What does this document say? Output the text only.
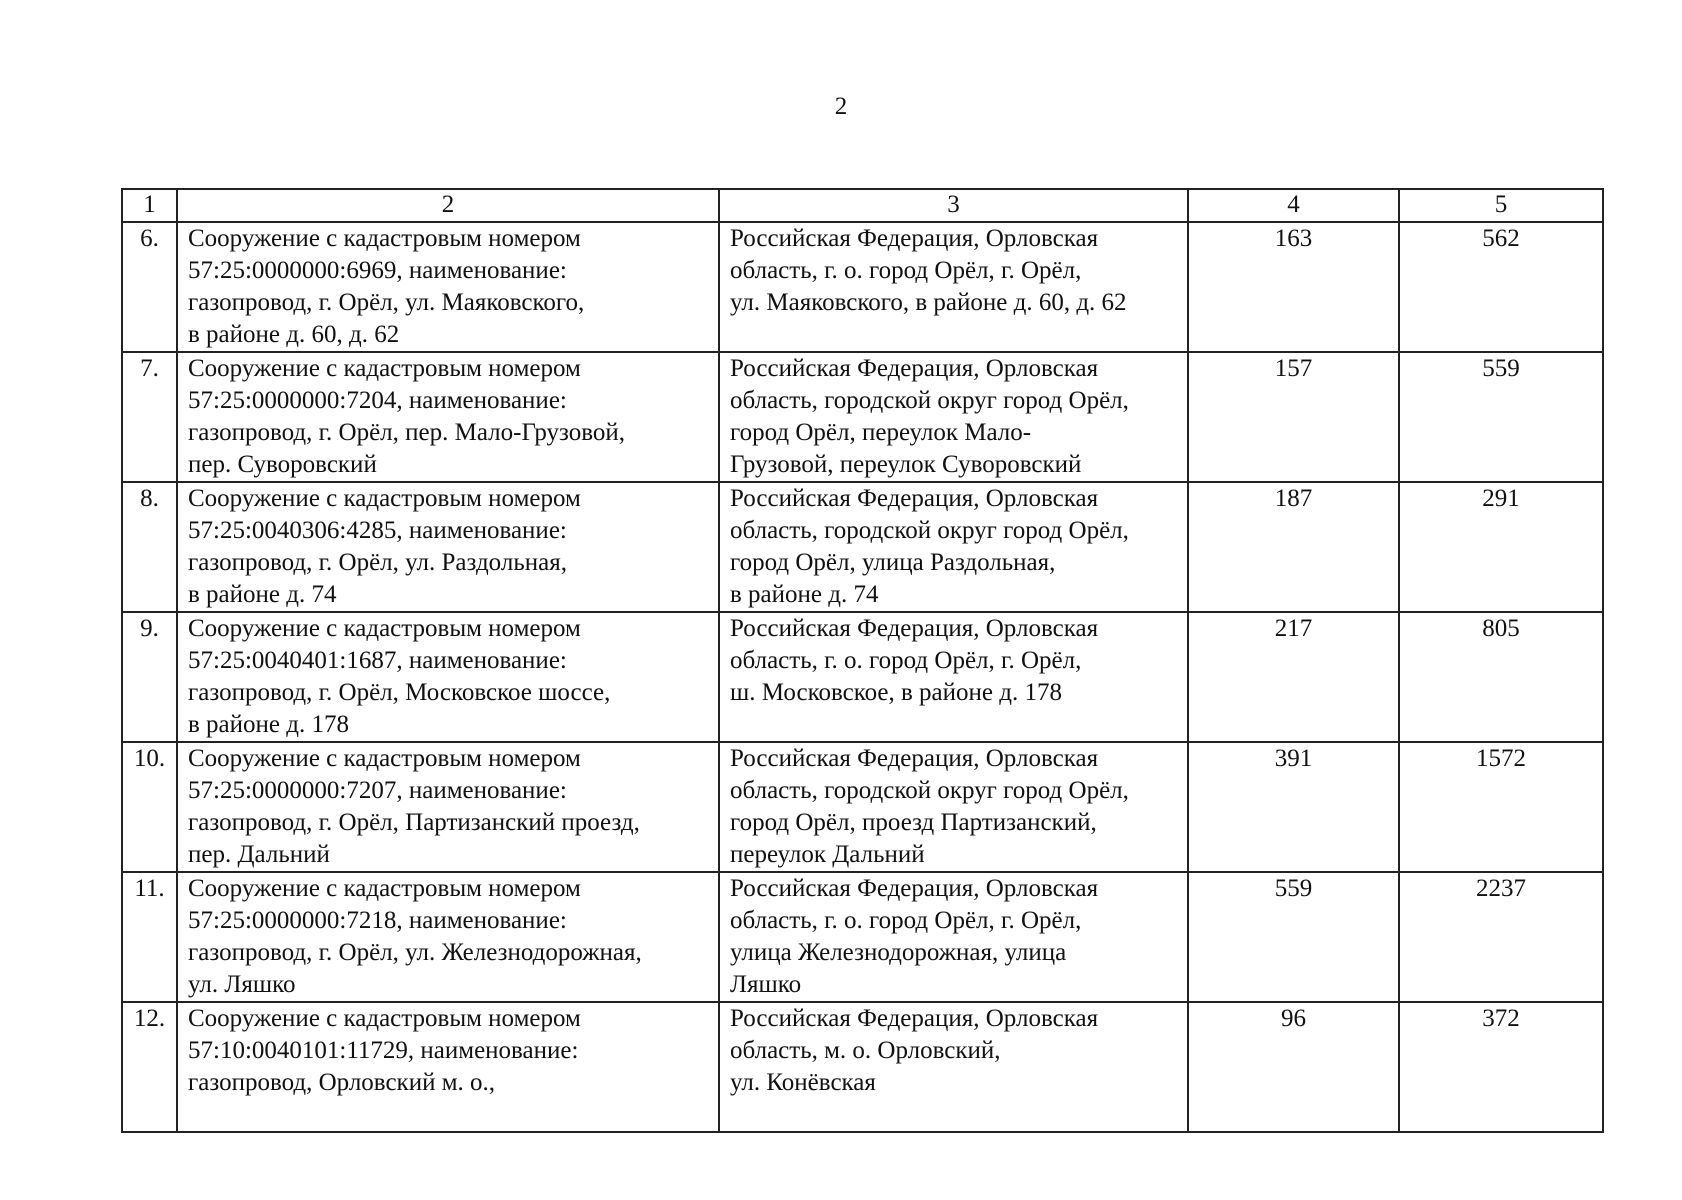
2
1	2	3	4	5
6.	Сооружение с кадастровым номером
57:25:0000000:6969, наименование:
газопровод, г. Орёл, ул. Маяковского,
в районе д. 60, д. 62	Российская Федерация, Орловская
область, г. о. город Орёл, г. Орёл,
ул. Маяковского, в районе д. 60, д. 62	163	562
7.	Сооружение с кадастровым номером
57:25:0000000:7204, наименование:
газопровод, г. Орёл, пер. Мало-Грузовой,
пер. Суворовский	Российская Федерация, Орловская
область, городской округ город Орёл,
город Орёл, переулок Мало-
Грузовой, переулок Суворовский	157	559
8.	Сооружение с кадастровым номером
57:25:0040306:4285, наименование:
газопровод, г. Орёл, ул. Раздольная,
в районе д. 74	Российская Федерация, Орловская
область, городской округ город Орёл,
город Орёл, улица Раздольная,
в районе д. 74	187	291
9.	Сооружение с кадастровым номером
57:25:0040401:1687, наименование:
газопровод, г. Орёл, Московское шоссе,
в районе д. 178	Российская Федерация, Орловская
область, г. о. город Орёл, г. Орёл,
ш. Московское, в районе д. 178	217	805
10.	Сооружение с кадастровым номером
57:25:0000000:7207, наименование:
газопровод, г. Орёл, Партизанский проезд,
пер. Дальний	Российская Федерация, Орловская
область, городской округ город Орёл,
город Орёл, проезд Партизанский,
переулок Дальний	391	1572
11.	Сооружение с кадастровым номером
57:25:0000000:7218, наименование:
газопровод, г. Орёл, ул. Железнодорожная,
ул. Ляшко	Российская Федерация, Орловская
область, г. о. город Орёл, г. Орёл,
улица Железнодорожная, улица
Ляшко	559	2237
12.	Сооружение с кадастровым номером
57:10:0040101:11729, наименование:
газопровод, Орловский м. о.,	Российская Федерация, Орловская
область, м. о. Орловский,
ул. Конёвская	96	372
